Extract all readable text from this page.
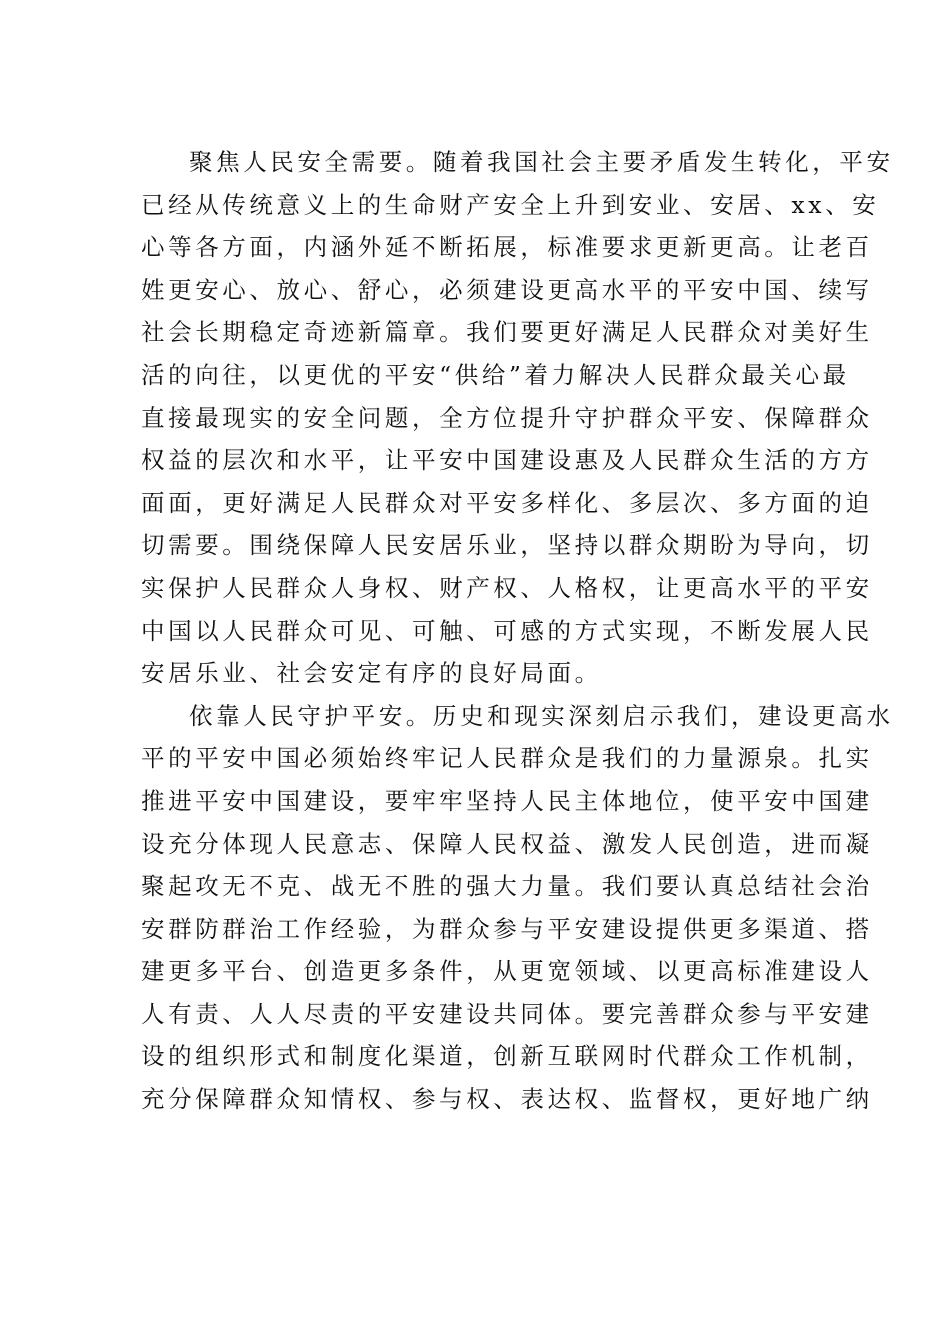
聚焦人民安全需要。随着我国社会主要矛盾发生转化，平安
已经从传统意义上的生命财产安全上升到安业、安居、xx、安
心等各方面，内涵外延不断拓展，标准要求更新更高。让老百
姓更安心、放心、舒心，必须建设更高水平的平安中国、续写
社会长期稳定奇迹新篇章。我们要更好满足人民群众对美好生
活的向往，以更优的平安“供给”着力解决人民群众最关心最
直接最现实的安全问题，全方位提升守护群众平安、保障群众
权益的层次和水平，让平安中国建设惠及人民群众生活的方方
面面，更好满足人民群众对平安多样化、多层次、多方面的迫
切需要。围绕保障人民安居乐业，坚持以群众期盼为导向，切
实保护人民群众人身权、财产权、人格权，让更高水平的平安
中国以人民群众可见、可触、可感的方式实现，不断发展人民
安居乐业、社会安定有序的良好局面。
依靠人民守护平安。历史和现实深刻启示我们，建设更高水
平的平安中国必须始终牢记人民群众是我们的力量源泉。扎实
推进平安中国建设，要牢牢坚持人民主体地位，使平安中国建
设充分体现人民意志、保障人民权益、激发人民创造，进而凝
聚起攻无不克、战无不胜的强大力量。我们要认真总结社会治
安群防群治工作经验，为群众参与平安建设提供更多渠道、搭
建更多平台、创造更多条件，从更宽领域、以更高标准建设人
人有责、人人尽责的平安建设共同体。要完善群众参与平安建
设的组织形式和制度化渠道，创新互联网时代群众工作机制，
充分保障群众知情权、参与权、表达权、监督权，更好地广纳
